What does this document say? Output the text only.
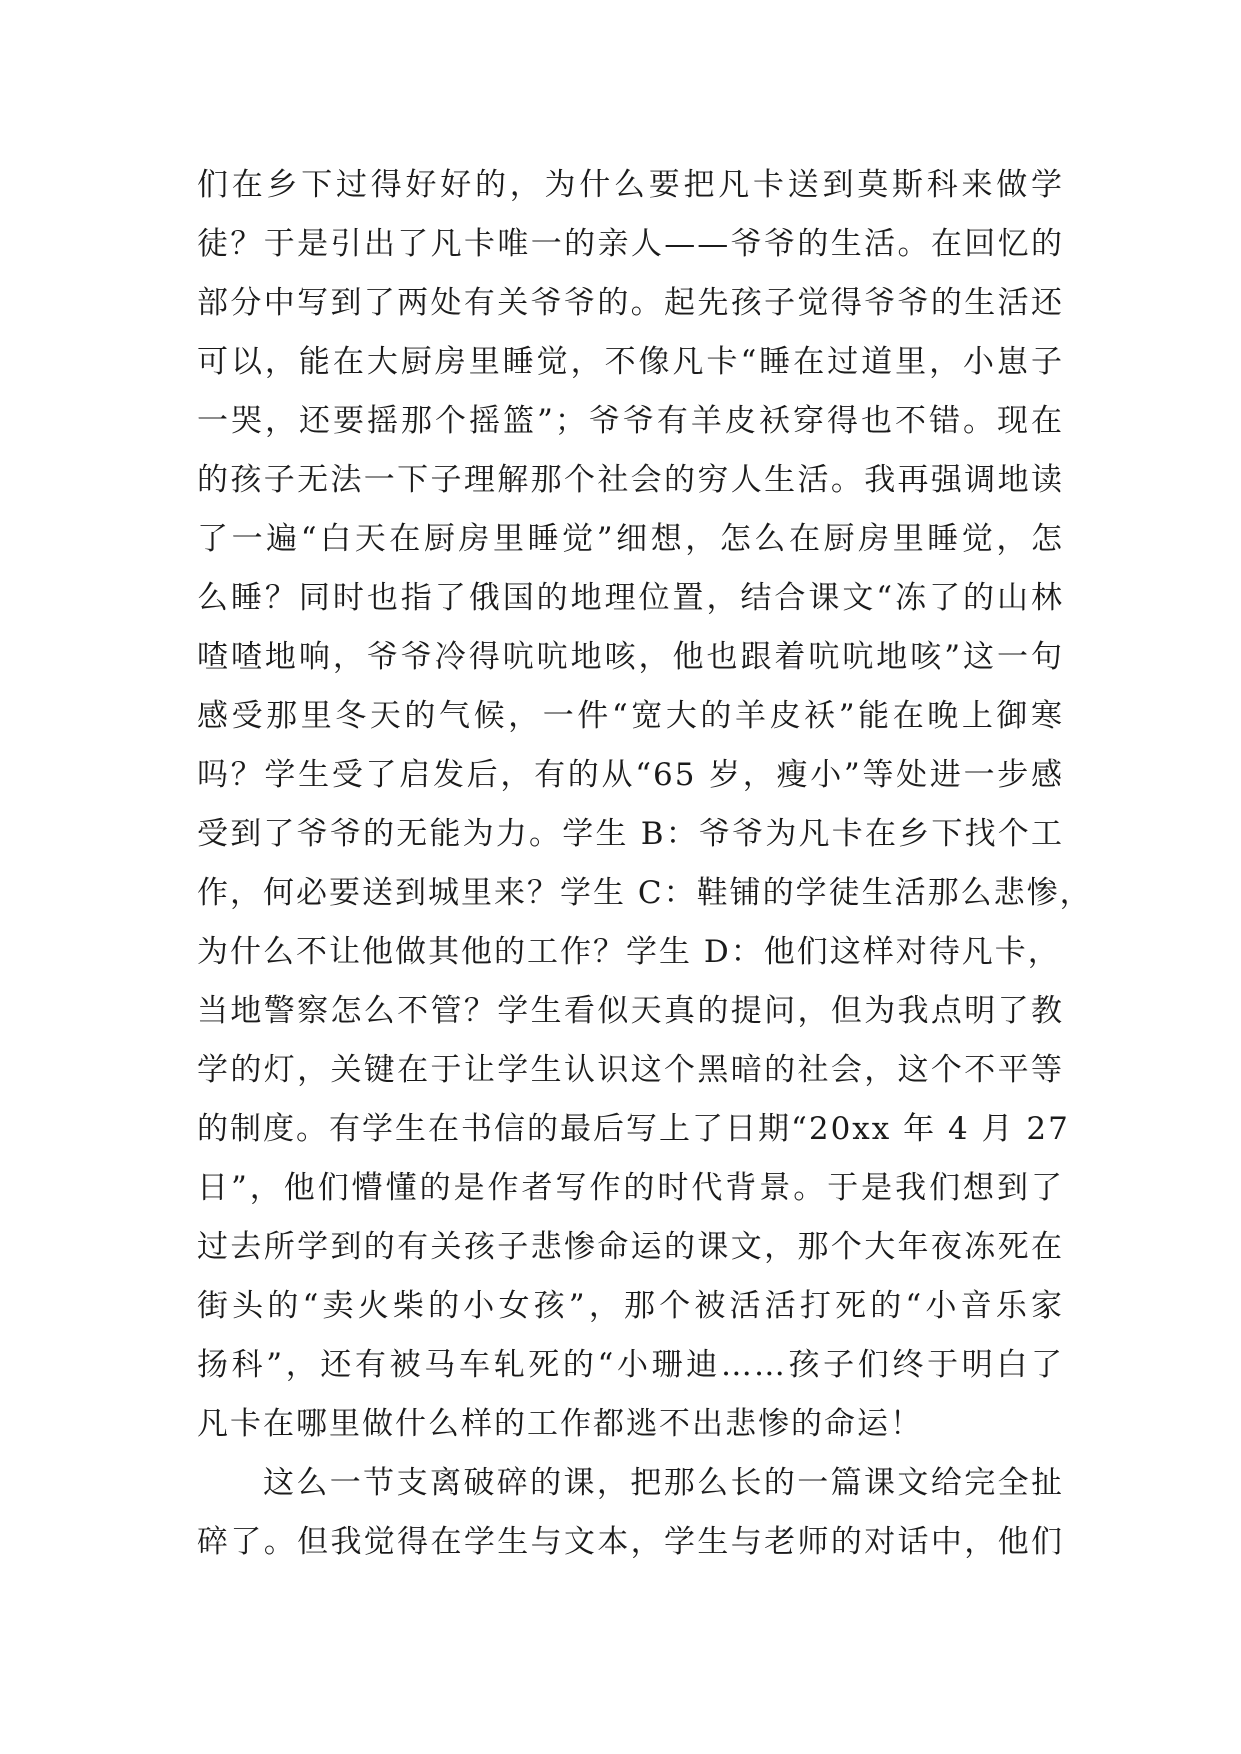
们在乡下过得好好的，为什么要把凡卡送到莫斯科来做学
徒？于是引出了凡卡唯一的亲人——爷爷的生活。在回忆的
部分中写到了两处有关爷爷的。起先孩子觉得爷爷的生活还
可以，能在大厨房里睡觉，不像凡卡“睡在过道里，小崽子
一哭，还要摇那个摇篮”；爷爷有羊皮袄穿得也不错。现在
的孩子无法一下子理解那个社会的穷人生活。我再强调地读
了一遍“白天在厨房里睡觉”细想，怎么在厨房里睡觉，怎
么睡？同时也指了俄国的地理位置，结合课文“冻了的山林
喳喳地响，爷爷冷得吭吭地咳，他也跟着吭吭地咳”这一句
感受那里冬天的气候，一件“宽大的羊皮袄”能在晚上御寒
吗？学生受了启发后，有的从“65 岁，瘦小”等处进一步感
受到了爷爷的无能为力。学生 B：爷爷为凡卡在乡下找个工
作，何必要送到城里来？学生 C：鞋铺的学徒生活那么悲惨，
为什么不让他做其他的工作？学生 D：他们这样对待凡卡，
当地警察怎么不管？学生看似天真的提问，但为我点明了教
学的灯，关键在于让学生认识这个黑暗的社会，这个不平等
的制度。有学生在书信的最后写上了日期“20xx 年 4 月 27
日”，他们懵懂的是作者写作的时代背景。于是我们想到了
过去所学到的有关孩子悲惨命运的课文，那个大年夜冻死在
街头的“卖火柴的小女孩”，那个被活活打死的“小音乐家
扬科”，还有被马车轧死的“小珊迪……孩子们终于明白了
凡卡在哪里做什么样的工作都逃不出悲惨的命运！
这么一节支离破碎的课，把那么长的一篇课文给完全扯
碎了。但我觉得在学生与文本，学生与老师的对话中，他们
